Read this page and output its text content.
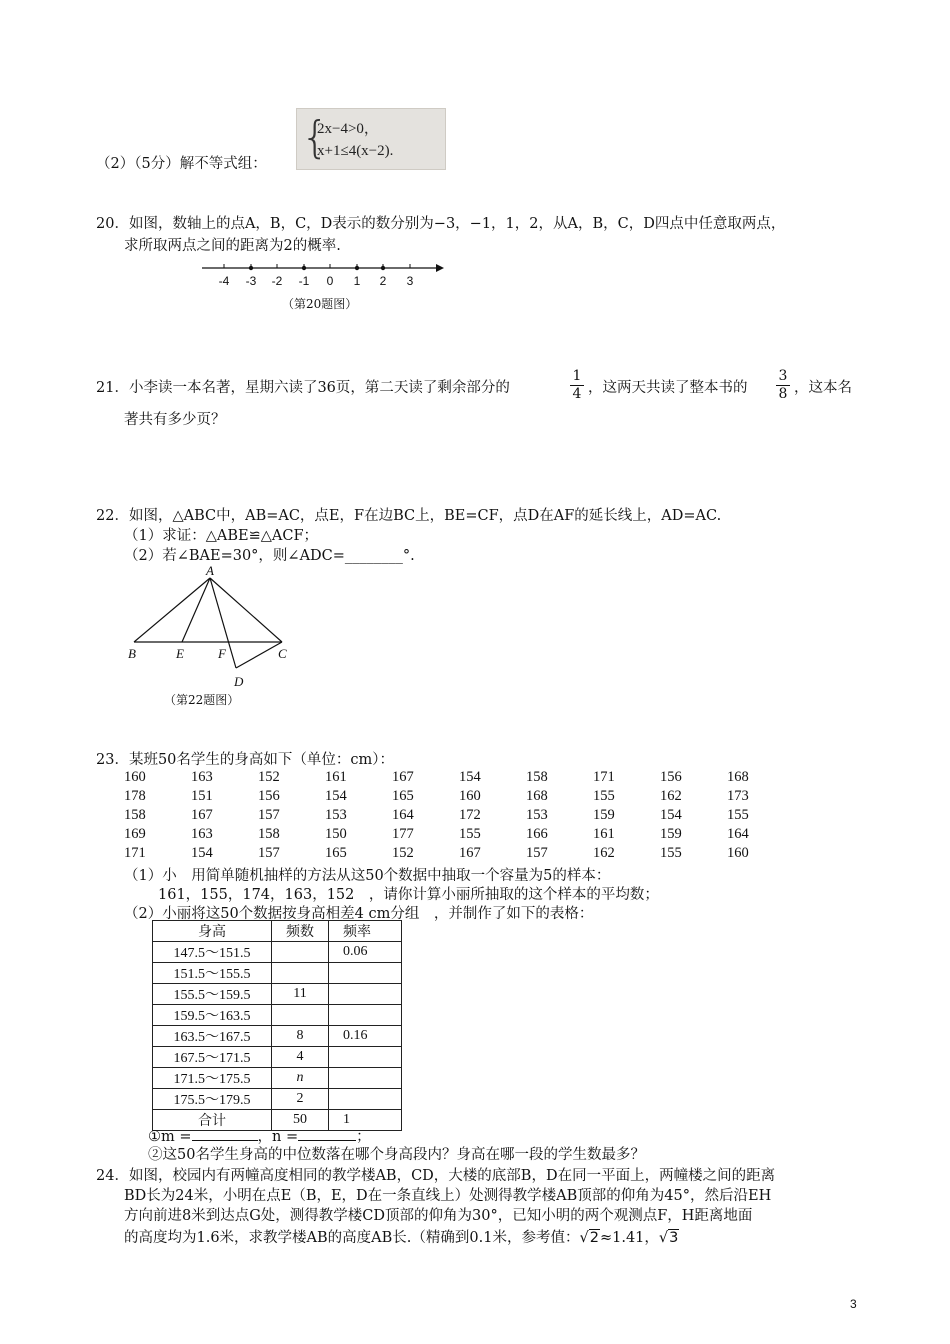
（2）（5分）解不等式组：
{
2x−4>0，
x+1≤4(x−2).
20．如图，数轴上的点A，B，C，D表示的数分别为−3，−1，1，2，从A，B，C，D四点中任意取两点，
求所取两点之间的距离为2的概率.
-4 -3 -2 -1 0 1 2 3
（第20题图）
21．小李读一本名著，星期六读了36页，第二天读了剩余部分的	$\frac{1}{4}$ ，这两天共读了整本书的 $\frac{3}{8}$ ，这本名
著共有多少页？
22．如图，△ABC中，AB=AC，点E，F在边BC上，BE=CF，点D在AF的延长线上，AD=AC.
（1）求证：△ABE≌△ACF；
（2）若∠BAE=30°，则∠ADC=________°.
A
B	E	F	C
D
（第22题图）
23．某班50名学生的身高如下（单位：cm）：
160	163	152	161	167	154	158	171	156	168
178	151	156	154	165	160	168	155	162	173
158	167	157	153	164	172	153	159	154	155
169	163	158	150	177	155	166	161	159	164
171	154	157	165	152	167	157	162	155	160
（1）小　用简单随机抽样的方法从这50个数据中抽取一个容量为5的样本：
161，155，174，163，152　，请你计算小丽所抽取的这个样本的平均数；
（2）小丽将这50个数据按身高相差4 cm分组　，并制作了如下的表格：
身高	频数	频率
147.5～151.5		0.06
151.5～155.5		
155.5～159.5	11	
159.5～163.5		
163.5～167.5	8	0.16
167.5～171.5	4	
171.5～175.5	n	
175.5～179.5	2	
合计	50	1
①m =	，n =	；
②这50名学生身高的中位数落在哪个身高段内？身高在哪一段的学生数最多？
24．如图，校园内有两幢高度相同的教学楼AB，CD，大楼的底部B，D在同一平面上，两幢楼之间的距离
BD长为24米，小明在点E（B，E，D在一条直线上）处测得教学楼AB顶部的仰角为45°，然后沿EH
方向前进8米到达点G处，测得教学楼CD顶部的仰角为30°，已知小明的两个观测点F，H距离地面
的高度均为1.6米，求教学楼AB的高度AB长.（精确到0.1米，参考值：√2≈1.41，√3
3
